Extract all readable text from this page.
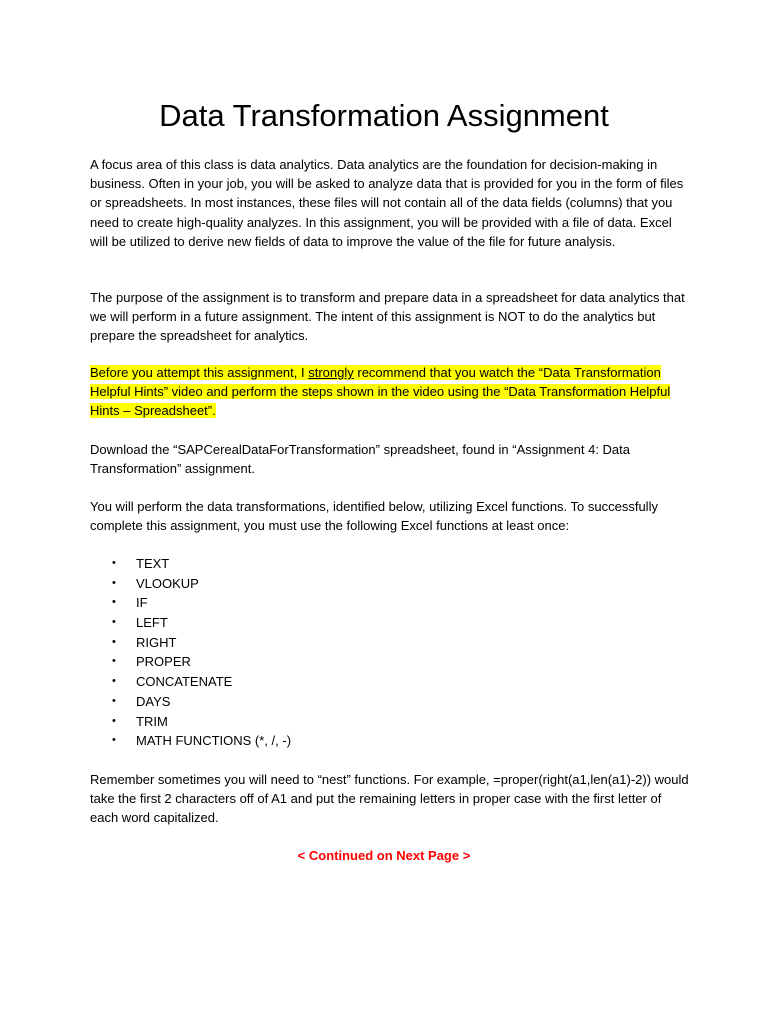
Data Transformation Assignment

A focus area of this class is data analytics. Data analytics are the foundation for decision-making in business. Often in your job, you will be asked to analyze data that is provided for you in the form of files or spreadsheets. In most instances, these files will not contain all of the data fields (columns) that you need to create high-quality analyzes. In this assignment, you will be provided with a file of data. Excel will be utilized to derive new fields of data to improve the value of the file for future analysis.

The purpose of the assignment is to transform and prepare data in a spreadsheet for data analytics that we will perform in a future assignment. The intent of this assignment is NOT to do the analytics but prepare the spreadsheet for analytics.

Before you attempt this assignment, I strongly recommend that you watch the “Data Transformation Helpful Hints” video and perform the steps shown in the video using the “Data Transformation Helpful Hints – Spreadsheet”.

Download the “SAPCerealDataForTransformation” spreadsheet, found in “Assignment 4: Data Transformation” assignment.

You will perform the data transformations, identified below, utilizing Excel functions. To successfully complete this assignment, you must use the following Excel functions at least once:

• TEXT
• VLOOKUP
• IF
• LEFT
• RIGHT
• PROPER
• CONCATENATE
• DAYS
• TRIM
• MATH FUNCTIONS (*, /, -)

Remember sometimes you will need to “nest” functions. For example, =proper(right(a1,len(a1)-2)) would take the first 2 characters off of A1 and put the remaining letters in proper case with the first letter of each word capitalized.

< Continued on Next Page >
